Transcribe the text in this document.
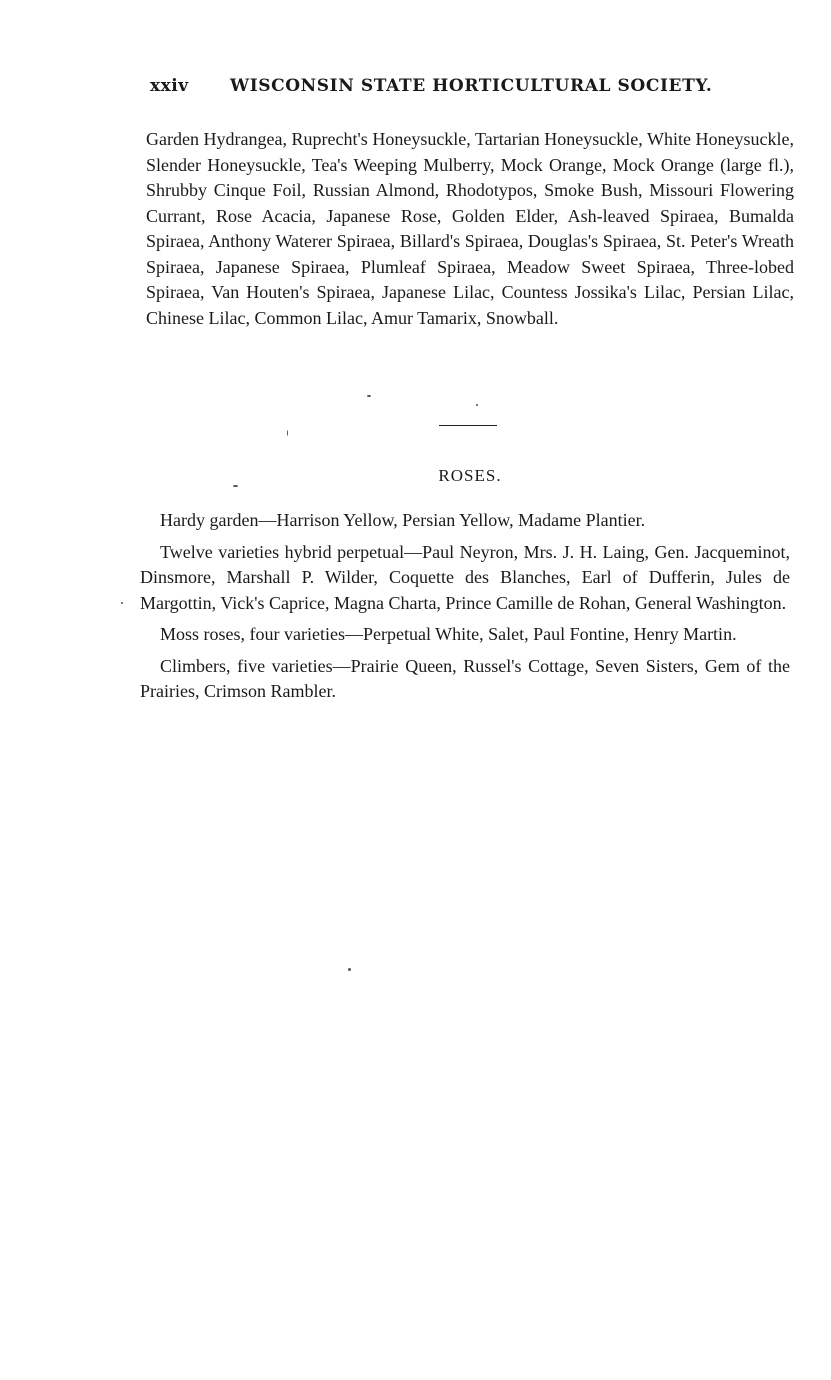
xxiv	WISCONSIN STATE HORTICULTURAL SOCIETY.
Garden Hydrangea, Ruprecht's Honeysuckle, Tartarian Honeysuckle, White Honeysuckle, Slender Honeysuckle, Tea's Weeping Mulberry, Mock Orange, Mock Orange (large fl.), Shrubby Cinque Foil, Russian Almond, Rhodotypos, Smoke Bush, Missouri Flowering Currant, Rose Acacia, Japanese Rose, Golden Elder, Ash-leaved Spiraea, Bumalda Spiraea, Anthony Waterer Spiraea, Billard's Spiraea, Douglas's Spiraea, St. Peter's Wreath Spiraea, Japanese Spiraea, Plumleaf Spiraea, Meadow Sweet Spiraea, Three-lobed Spiraea, Van Houten's Spiraea, Japanese Lilac, Countess Jossika's Lilac, Persian Lilac, Chinese Lilac, Common Lilac, Amur Tamarix, Snowball.
ROSES.

Hardy garden—Harrison Yellow, Persian Yellow, Madame Plantier.

Twelve varieties hybrid perpetual—Paul Neyron, Mrs. J. H. Laing, Gen. Jacqueminot, Dinsmore, Marshall P. Wilder, Coquette des Blanches, Earl of Dufferin, Jules de Margottin, Vick's Caprice, Magna Charta, Prince Camille de Rohan, General Washington.

Moss roses, four varieties—Perpetual White, Salet, Paul Fontine, Henry Martin.

Climbers, five varieties—Prairie Queen, Russel's Cottage, Seven Sisters, Gem of the Prairies, Crimson Rambler.
